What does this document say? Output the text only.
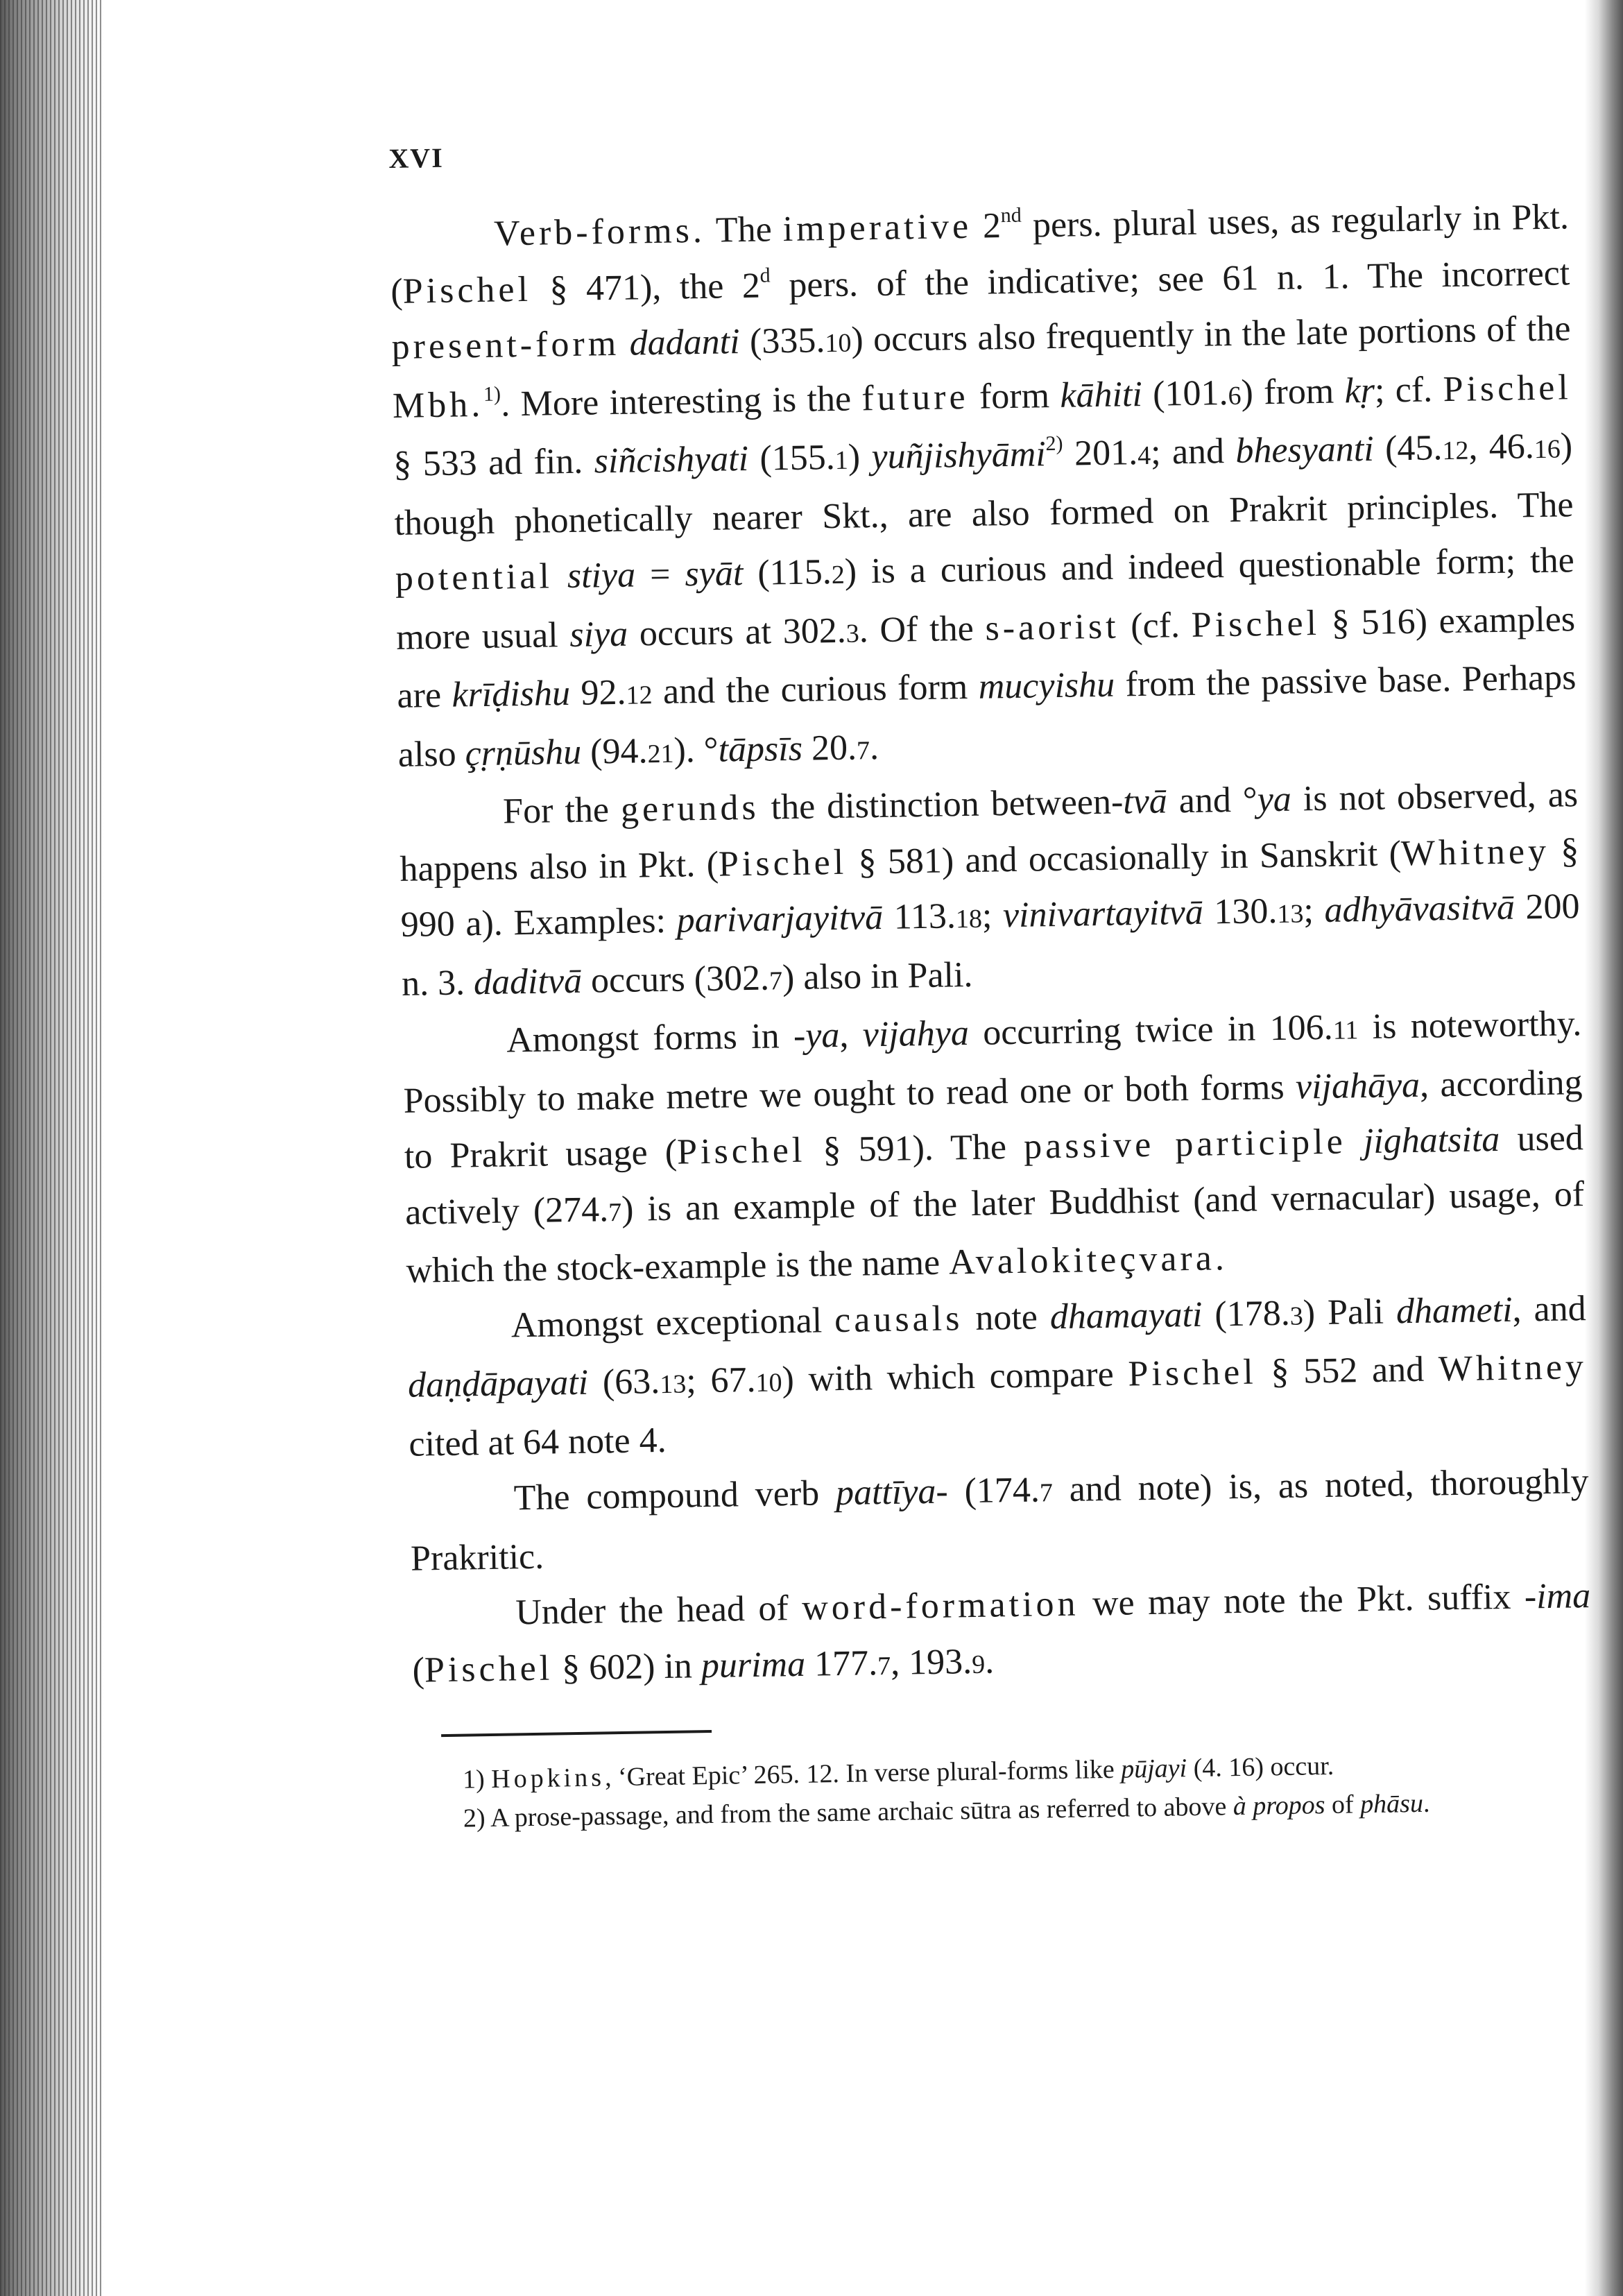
XVI

Verb-forms. The imperative 2nd pers. plural uses, as regularly in Pkt. (Pischel § 471), the 2$^d$ pers. of the indicative; see 61 n. 1. The incorrect present-form dadanti (335.10) occurs also frequently in the late portions of the Mbh.$^{1)}$. More interesting is the future form kāhiti (101.6) from kṛ; cf. Pischel § 533 ad fin. siñcishyati (155.1) yuñjishyāmi$^{2)}$ 201.4; and bhesyanti (45.12, 46.16) though phonetically nearer Skt., are also formed on Prakrit principles. The potential stiya = syāt (115.2) is a curious and indeed questionable form; the more usual siya occurs at 302.3. Of the s-aorist (cf. Pischel § 516) examples are krīḍishu 92.12 and the curious form mucyishu from the passive base. Perhaps also çṛṇūshu (94.21). °tāpsīs 20.7.

For the gerunds the distinction between-tvā and °ya is not observed, as happens also in Pkt. (Pischel § 581) and occasionally in Sanskrit (Whitney § 990 a). Examples: parivarjayitvā 113.18; vinivartayitvā 130.13; adhyāvasitvā 200 n. 3. daditvā occurs (302.7) also in Pali.

Amongst forms in -ya, vijahya occurring twice in 106.11 is noteworthy. Possibly to make metre we ought to read one or both forms vijahāya, according to Prakrit usage (Pischel § 591). The passive participle jighatsita used actively (274.7) is an example of the later Buddhist (and vernacular) usage, of which the stock-example is the name Avalokiteçvara.

Amongst exceptional causals note dhamayati (178.3) Pali dhameti, and daṇḍāpayati (63.13; 67.10) with which compare Pischel § 552 and Whitney cited at 64 note 4.

The compound verb pattīya- (174.7 and note) is, as noted, thoroughly Prakritic.

Under the head of word-formation we may note the Pkt. suffix -ima (Pischel § 602) in purima 177.7, 193.9.

1) Hopkins, ‘Great Epic’ 265. 12. In verse plural-forms like pūjayi (4. 16) occur.

2) A prose-passage, and from the same archaic sūtra as referred to above à propos of phāsu.
